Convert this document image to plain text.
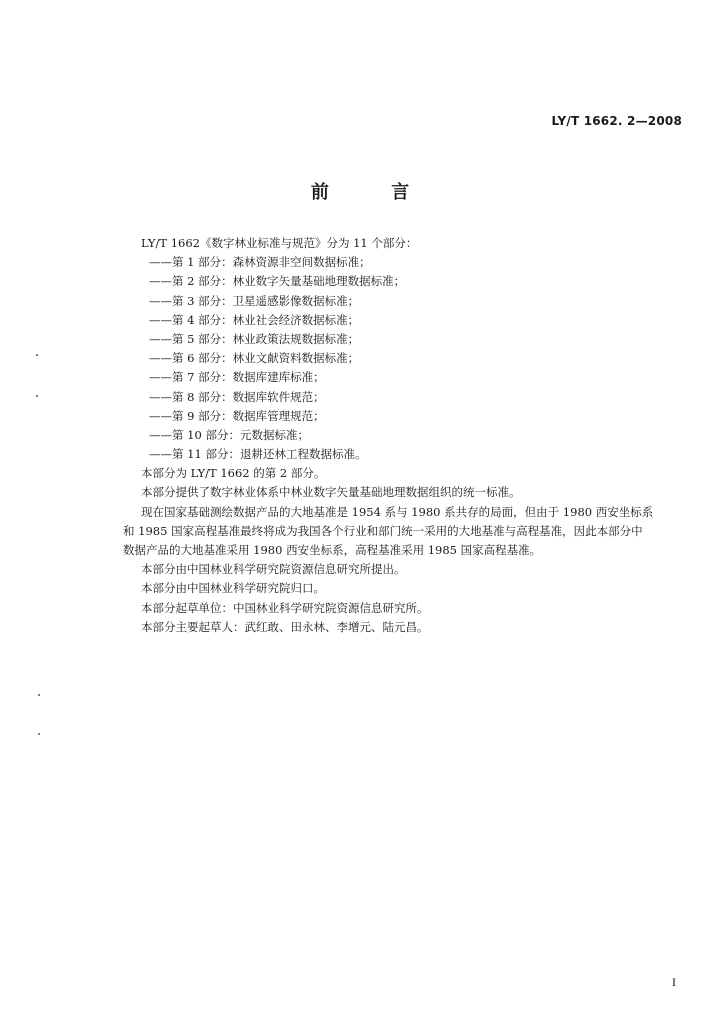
LY/T 1662. 2—2008
前 言
LY/T 1662《数字林业标准与规范》分为 11 个部分：
——第 1 部分：森林资源非空间数据标准；
——第 2 部分：林业数字矢量基础地理数据标准；
——第 3 部分：卫星遥感影像数据标准；
——第 4 部分：林业社会经济数据标准；
——第 5 部分：林业政策法规数据标准；
——第 6 部分：林业文献资料数据标准；
——第 7 部分：数据库建库标准；
——第 8 部分：数据库软件规范；
——第 9 部分：数据库管理规范；
——第 10 部分：元数据标准；
——第 11 部分：退耕还林工程数据标准。
本部分为 LY/T 1662 的第 2 部分。
本部分提供了数字林业体系中林业数字矢量基础地理数据组织的统一标准。
现在国家基础测绘数据产品的大地基准是 1954 系与 1980 系共存的局面，但由于 1980 西安坐标系
和 1985 国家高程基准最终将成为我国各个行业和部门统一采用的大地基准与高程基准，因此本部分中
数据产品的大地基准采用 1980 西安坐标系，高程基准采用 1985 国家高程基准。
本部分由中国林业科学研究院资源信息研究所提出。
本部分由中国林业科学研究院归口。
本部分起草单位：中国林业科学研究院资源信息研究所。
本部分主要起草人：武红敢、田永林、李增元、陆元昌。
I
